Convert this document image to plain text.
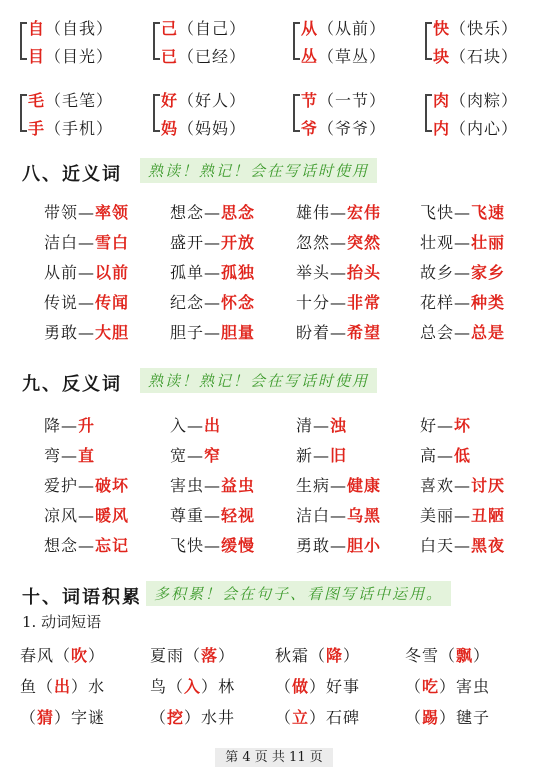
自（自我）
目（目光）
己（自己）
已（已经）
从（从前）
丛（草丛）
快（快乐）
块（石块）
毛（毛笔）
手（手机）
好（好人）
妈（妈妈）
节（一节）
爷（爷爷）
肉（肉粽）
内（内心）
八、近义词	熟读！熟记！会在写话时使用
带领—率领	想念—思念	雄伟—宏伟 飞快—飞速
洁白—雪白	盛开—开放	忽然—突然 壮观—壮丽
从前—以前	孤单—孤独	举头—抬头 故乡—家乡
传说—传闻	纪念—怀念	十分—非常 花样—种类
勇敢—大胆	胆子—胆量	盼着—希望 总会—总是
九、反义词	熟读！熟记！会在写话时使用
降—升	入—出	清—浊	好—坏
弯—直	宽—窄	新—旧	高—低
爱护—破坏	害虫—益虫	生病—健康 喜欢—讨厌
凉风—暖风	尊重—轻视	洁白—乌黑 美丽—丑陋
想念—忘记	飞快—缓慢	勇敢—胆小 白天—黑夜
十、词语积累 多积累！会在句子、看图写话中运用。
1. 动词短语
春风（吹）	夏雨（落） 秋霜（降）	冬雪（飘）
鱼（出）水	鸟（入）林 （做）好事	（吃）害虫
（猜）字谜	（挖）水井 （立）石碑	（踢）毽子
第 4 页 共 11 页
